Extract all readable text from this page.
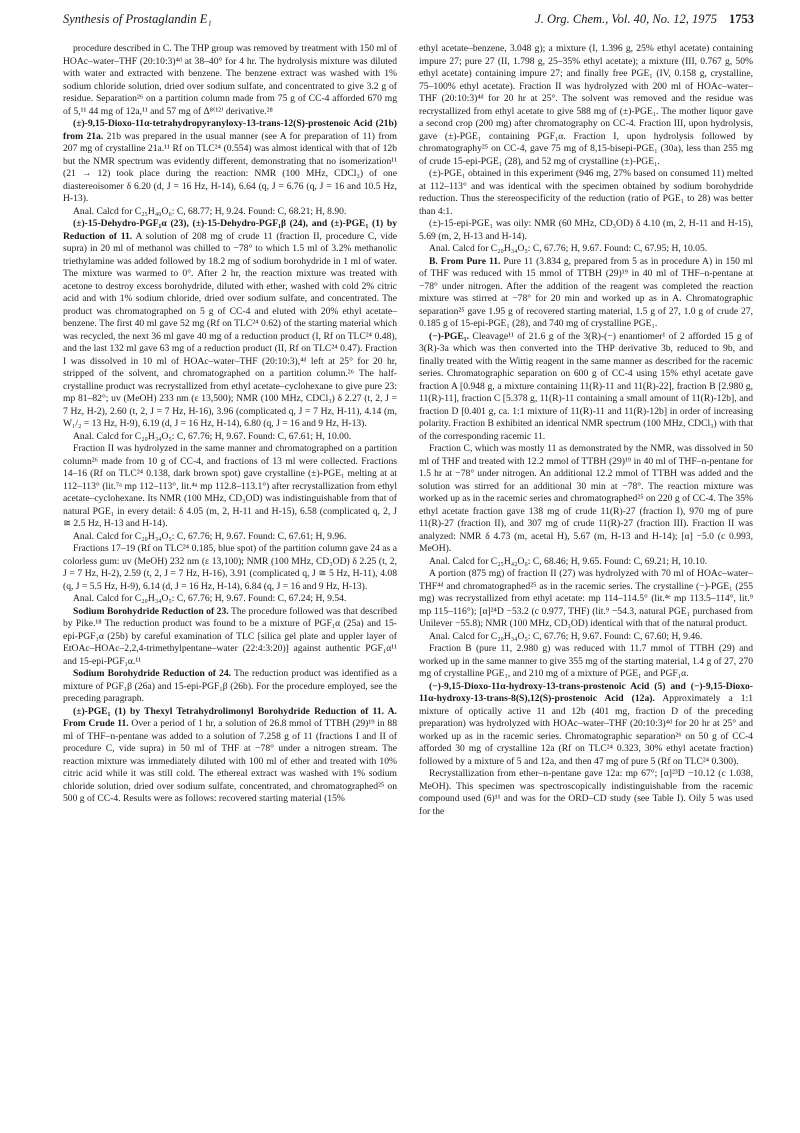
Synthesis of Prostaglandin E₁	J. Org. Chem., Vol. 40, No. 12, 1975 1753

procedure described in C. The THP group was removed by treatment with 150 ml of HOAc–water–THF (20:10:3)⁴ᵈ at 38–40° for 4 hr. The hydrolysis mixture was diluted with water and extracted with benzene. The benzene extract was washed with 1% sodium chloride solution, dried over sodium sulfate, and concentrated to give 3.2 g of residue. Separation²⁶ on a partition column made from 75 g of CC-4 afforded 670 mg of 5,¹¹ 44 mg of 12a,¹¹ and 57 mg of Δ⁸⁽¹²⁾ derivative.²⁸

(±)-9,15-Dioxo-11α-tetrahydropyranyloxy-13-trans-12(S)-prostenoic Acid (21b) from 21a. 21b was prepared in the usual manner (see A for preparation of 11) from 207 mg of crystalline 21a.¹¹ Rf on TLC²⁴ (0.554) was almost identical with that of 12b but the NMR spectrum was evidently different, demonstrating that no isomerization¹¹ (21 → 12) took place during the reaction: NMR (100 MHz, CDCl₃) of one diastereoisomer δ 6.20 (d, J = 16 Hz, H-14), 6.64 (q, J = 6.76 (q, J = 16 and 10.5 Hz, H-13).

Anal. Calcd for C₂₅H₄₀O₆: C, 68.77; H, 9.24. Found: C, 68.21; H, 8.90.

(±)-15-Dehydro-PGF₁α (23), (±)-15-Dehydro-PGF₁β (24), and (±)-PGE₁ (1) by Reduction of 11. A solution of 208 mg of crude 11 (fraction II, procedure C, vide supra) in 20 ml of methanol was chilled to −78° to which 1.5 ml of 3.2% methanolic triethylamine was added followed by 18.2 mg of sodium borohydride in 1 ml of water. The mixture was warmed to 0°. After 2 hr, the reaction mixture was treated with acetone to destroy excess borohydride, diluted with ether, washed with cold 2% citric acid and with 1% sodium chloride, dried over sodium sulfate, and concentrated. The product was chromatographed on 5 g of CC-4 and eluted with 20% ethyl acetate–benzene. The first 40 ml gave 52 mg (Rf on TLC²⁴ 0.62) of the starting material which was recycled, the next 36 ml gave 40 mg of a reduction product (I, Rf on TLC²⁴ 0.48), and the last 132 ml gave 63 mg of a reduction product (II, Rf on TLC²⁴ 0.47). Fraction I was dissolved in 10 ml of HOAc–water–THF (20:10:3),⁴ᵈ left at 25° for 20 hr, stripped of the solvent, and chromatographed on a partition column.²⁶ The half-crystalline product was recrystallized from ethyl acetate–cyclohexane to give pure 23: mp 81–82°; uv (MeOH) 233 nm (ε 13,500); NMR (100 MHz, CDCl₃) δ 2.27 (t, 2, J = 7 Hz, H-2), 2.60 (t, 2, J = 7 Hz, H-16), 3.96 (complicated q, J = 7 Hz, H-11), 4.14 (m, W₁/₂ = 13 Hz, H-9), 6.19 (d, J = 16 Hz, H-14), 6.80 (q, J = 16 and 9 Hz, H-13).

Anal. Calcd for C₂₀H₃₄O₅: C, 67.76; H, 9.67. Found: C, 67.61; H, 10.00.

Fraction II was hydrolyzed in the same manner and chromatographed on a partition column²⁶ made from 10 g of CC-4, and fractions of 13 ml were collected. Fractions 14–16 (Rf on TLC²⁴ 0.138, dark brown spot) gave crystalline (±)-PGE₁ melting at at 112–113° (lit.⁷ᵃ mp 112–113°, lit.⁴ᵃ mp 112.8–113.1°) after recrystallization from ethyl acetate–cyclohexane. Its NMR (100 MHz, CD₃OD) was indistinguishable from that of natural PGE₁ in every detail: δ 4.05 (m, 2, H-11 and H-15), 6.58 (complicated q, 2, J ≅ 2.5 Hz, H-13 and H-14).

Anal. Calcd for C₂₀H₃₄O₅: C, 67.76; H, 9.67. Found: C, 67.61; H, 9.96.

Fractions 17–19 (Rf on TLC²⁴ 0.185, blue spot) of the partition column gave 24 as a colorless gum: uv (MeOH) 232 nm (ε 13,100); NMR (100 MHz, CD₃OD) δ 2.25 (t, 2, J = 7 Hz, H-2), 2.59 (t, 2, J = 7 Hz, H-16), 3.91 (complicated q, J ≅ 5 Hz, H-11), 4.08 (q, J = 5.5 Hz, H-9), 6.14 (d, J = 16 Hz, H-14), 6.84 (q, J = 16 and 9 Hz, H-13).

Anal. Calcd for C₂₀H₃₄O₅: C, 67.76; H, 9.67. Found: C, 67.24; H, 9.54.

Sodium Borohydride Reduction of 23. The procedure followed was that described by Pike.¹⁸ The reduction product was found to be a mixture of PGF₁α (25a) and 15-epi-PGF₁α (25b) by careful examination of TLC [silica gel plate and uppler layer of EtOAc–HOAc–2,2,4-trimethylpentane–water (22:4:3:20)] against authentic PGF₁α¹¹ and 15-epi-PGF₁α.¹¹

Sodium Borohydride Reduction of 24. The reduction product was identified as a mixture of PGF₁β (26a) and 15-epi-PGF₁β (26b). For the procedure employed, see the preceding paragraph.

(±)-PGE₁ (1) by Thexyl Tetrahydrolimonyl Borohydride Reduction of 11. A. From Crude 11. Over a period of 1 hr, a solution of 26.8 mmol of TTBH (29)¹⁹ in 88 ml of THF–n-pentane was added to a solution of 7.258 g of 11 (fractions I and II of procedure C, vide supra) in 50 ml of THF at −78° under a nitrogen stream. The reaction mixture was immediately diluted with 100 ml of ether and treated with 10% citric acid while it was still cold. The ethereal extract was washed with 1% sodium chloride solution, dried over sodium sulfate, concentrated, and chromatographed²⁵ on 500 g of CC-4. Results were as follows: recovered starting material (15%

ethyl acetate–benzene, 3.048 g); a mixture (I, 1.396 g, 25% ethyl acetate) containing impure 27; pure 27 (II, 1.798 g, 25–35% ethyl acetate); a mixture (III, 0.767 g, 50% ethyl acetate) containing impure 27; and finally free PGE₁ (IV, 0.158 g, crystalline, 75–100% ethyl acetate). Fraction II was hydrolyzed with 200 ml of HOAc–water–THF (20:10:3)⁴ᵈ for 20 hr at 25°. The solvent was removed and the residue was recrystallized from ethyl acetate to give 588 mg of (±)-PGE₁. The mother liquor gave a second crop (200 mg) after chromatography on CC-4. Fraction III, upon hydrolysis, gave (±)-PGE₁ containing PGF₁α. Fraction I, upon hydrolysis followed by chromatography²⁵ on CC-4, gave 75 mg of 8,15-bisepi-PGE₁ (30a), less than 255 mg of crude 15-epi-PGE₁ (28), and 52 mg of crystalline (±)-PGE₁.

(±)-PGE₁ obtained in this experiment (946 mg, 27% based on consumed 11) melted at 112–113° and was identical with the specimen obtained by sodium borohydride reduction. Thus the stereospecificity of the reduction (ratio of PGE₁ to 28) was better than 4:1.

(±)-15-epi-PGE₁ was oily: NMR (60 MHz, CD₃OD) δ 4.10 (m, 2, H-11 and H-15), 5.69 (m, 2, H-13 and H-14).

Anal. Calcd for C₂₀H₃₄O₅: C, 67.76; H, 9.67. Found: C, 67.95; H, 10.05.

B. From Pure 11. Pure 11 (3.834 g, prepared from 5 as in procedure A) in 150 ml of THF was reduced with 15 mmol of TTBH (29)¹⁹ in 40 ml of THF–n-pentane at −78° under nitrogen. After the addition of the reagent was completed the reaction mixture was stirred at −78° for 20 min and worked up as in A. Chromatographic separation²⁵ gave 1.95 g of recovered starting material, 1.5 g of 27, 1.0 g of crude 27, 0.185 g of 15-epi-PGE₁ (28), and 740 mg of crystalline PGE₁.

(−)-PGE₁. Cleavage¹¹ of 21.6 g of the 3(R)-(−) enantiomer¹ of 2 afforded 15 g of 3(R)-3a which was then converted into the THP derivative 3b, reduced to 9b, and finally treated with the Wittig reagent in the same manner as described for the racemic series. Chromatographic separation on 600 g of CC-4 using 15% ethyl acetate gave fraction A [0.948 g, a mixture containing 11(R)-11 and 11(R)-22], fraction B [2.980 g, 11(R)-11], fraction C [5.378 g, 11(R)-11 containing a small amount of 11(R)-12b], and fraction D [0.401 g, ca. 1:1 mixture of 11(R)-11 and 11(R)-12b] in order of increasing polarity. Fraction B exhibited an identical NMR spectrum (100 MHz, CDCl₃) with that of the corresponding racemic 11.

Fraction C, which was mostly 11 as demonstrated by the NMR, was dissolved in 50 ml of THF and treated with 12.2 mmol of TTBH (29)¹⁹ in 40 ml of THF–n-pentane for 1.5 hr at −78° under nitrogen. An additional 12.2 mmol of TTBH was added and the solution was stirred for an additional 30 min at −78°. The reaction mixture was worked up as in the racemic series and chromatographed²⁵ on 220 g of CC-4. The 35% ethyl acetate fraction gave 138 mg of crude 11(R)-27 (fraction I), 970 mg of pure 11(R)-27 (fraction II), and 307 mg of crude 11(R)-27 (fraction III). Fraction II was analyzed: NMR δ 4.73 (m, acetal H), 5.67 (m, H-13 and H-14); [α] −5.0 (c 0.993, MeOH).

Anal. Calcd for C₂₅H₄₂O₆: C, 68.46; H, 9.65. Found: C, 69.21; H, 10.10.

A portion (875 mg) of fraction II (27) was hydrolyzed with 70 ml of HOAc–water–THF⁴ᵈ and chromatographed²⁵ as in the racemic series. The crystalline (−)-PGE₁ (255 mg) was recrystallized from ethyl acetate: mp 114–114.5° (lit.⁴ᵉ mp 113.5–114°, lit.⁹ mp 115–116°); [α]²⁴D −53.2 (c 0.977, THF) (lit.⁹ −54.3, natural PGE₁ purchased from Unilever −55.8); NMR (100 MHz, CD₃OD) identical with that of the natural product.

Anal. Calcd for C₂₀H₃₄O₅: C, 67.76; H, 9.67. Found: C, 67.60; H, 9.46.

Fraction B (pure 11, 2.980 g) was reduced with 11.7 mmol of TTBH (29) and worked up in the same manner to give 355 mg of the starting material, 1.4 g of 27, 270 mg of crystalline PGE₁, and 210 mg of a mixture of PGE₁ and PGF₁α.

(−)-9,15-Dioxo-11α-hydroxy-13-trans-prostenoic Acid (5) and (−)-9,15-Dioxo-11α-hydroxy-13-trans-8(S),12(S)-prostenoic Acid (12a). Approximately a 1:1 mixture of optically active 11 and 12b (401 mg, fraction D of the preceding preparation) was hydrolyzed with HOAc–water–THF (20:10:3)⁴ᵈ for 20 hr at 25° and worked up as in the racemic series. Chromatographic separation²⁶ on 50 g of CC-4 afforded 30 mg of crystalline 12a (Rf on TLC²⁴ 0.323, 30% ethyl acetate fraction) followed by a mixture of 5 and 12a, and then 47 mg of pure 5 (Rf on TLC²⁴ 0.300).

Recrystallization from ether–n-pentane gave 12a: mp 67°; [α]²³D −10.12 (c 1.038, MeOH). This specimen was spectroscopically indistinguishable from the racemic compound used (6)¹¹ and was for the ORD–CD study (see Table I). Oily 5 was used for the
